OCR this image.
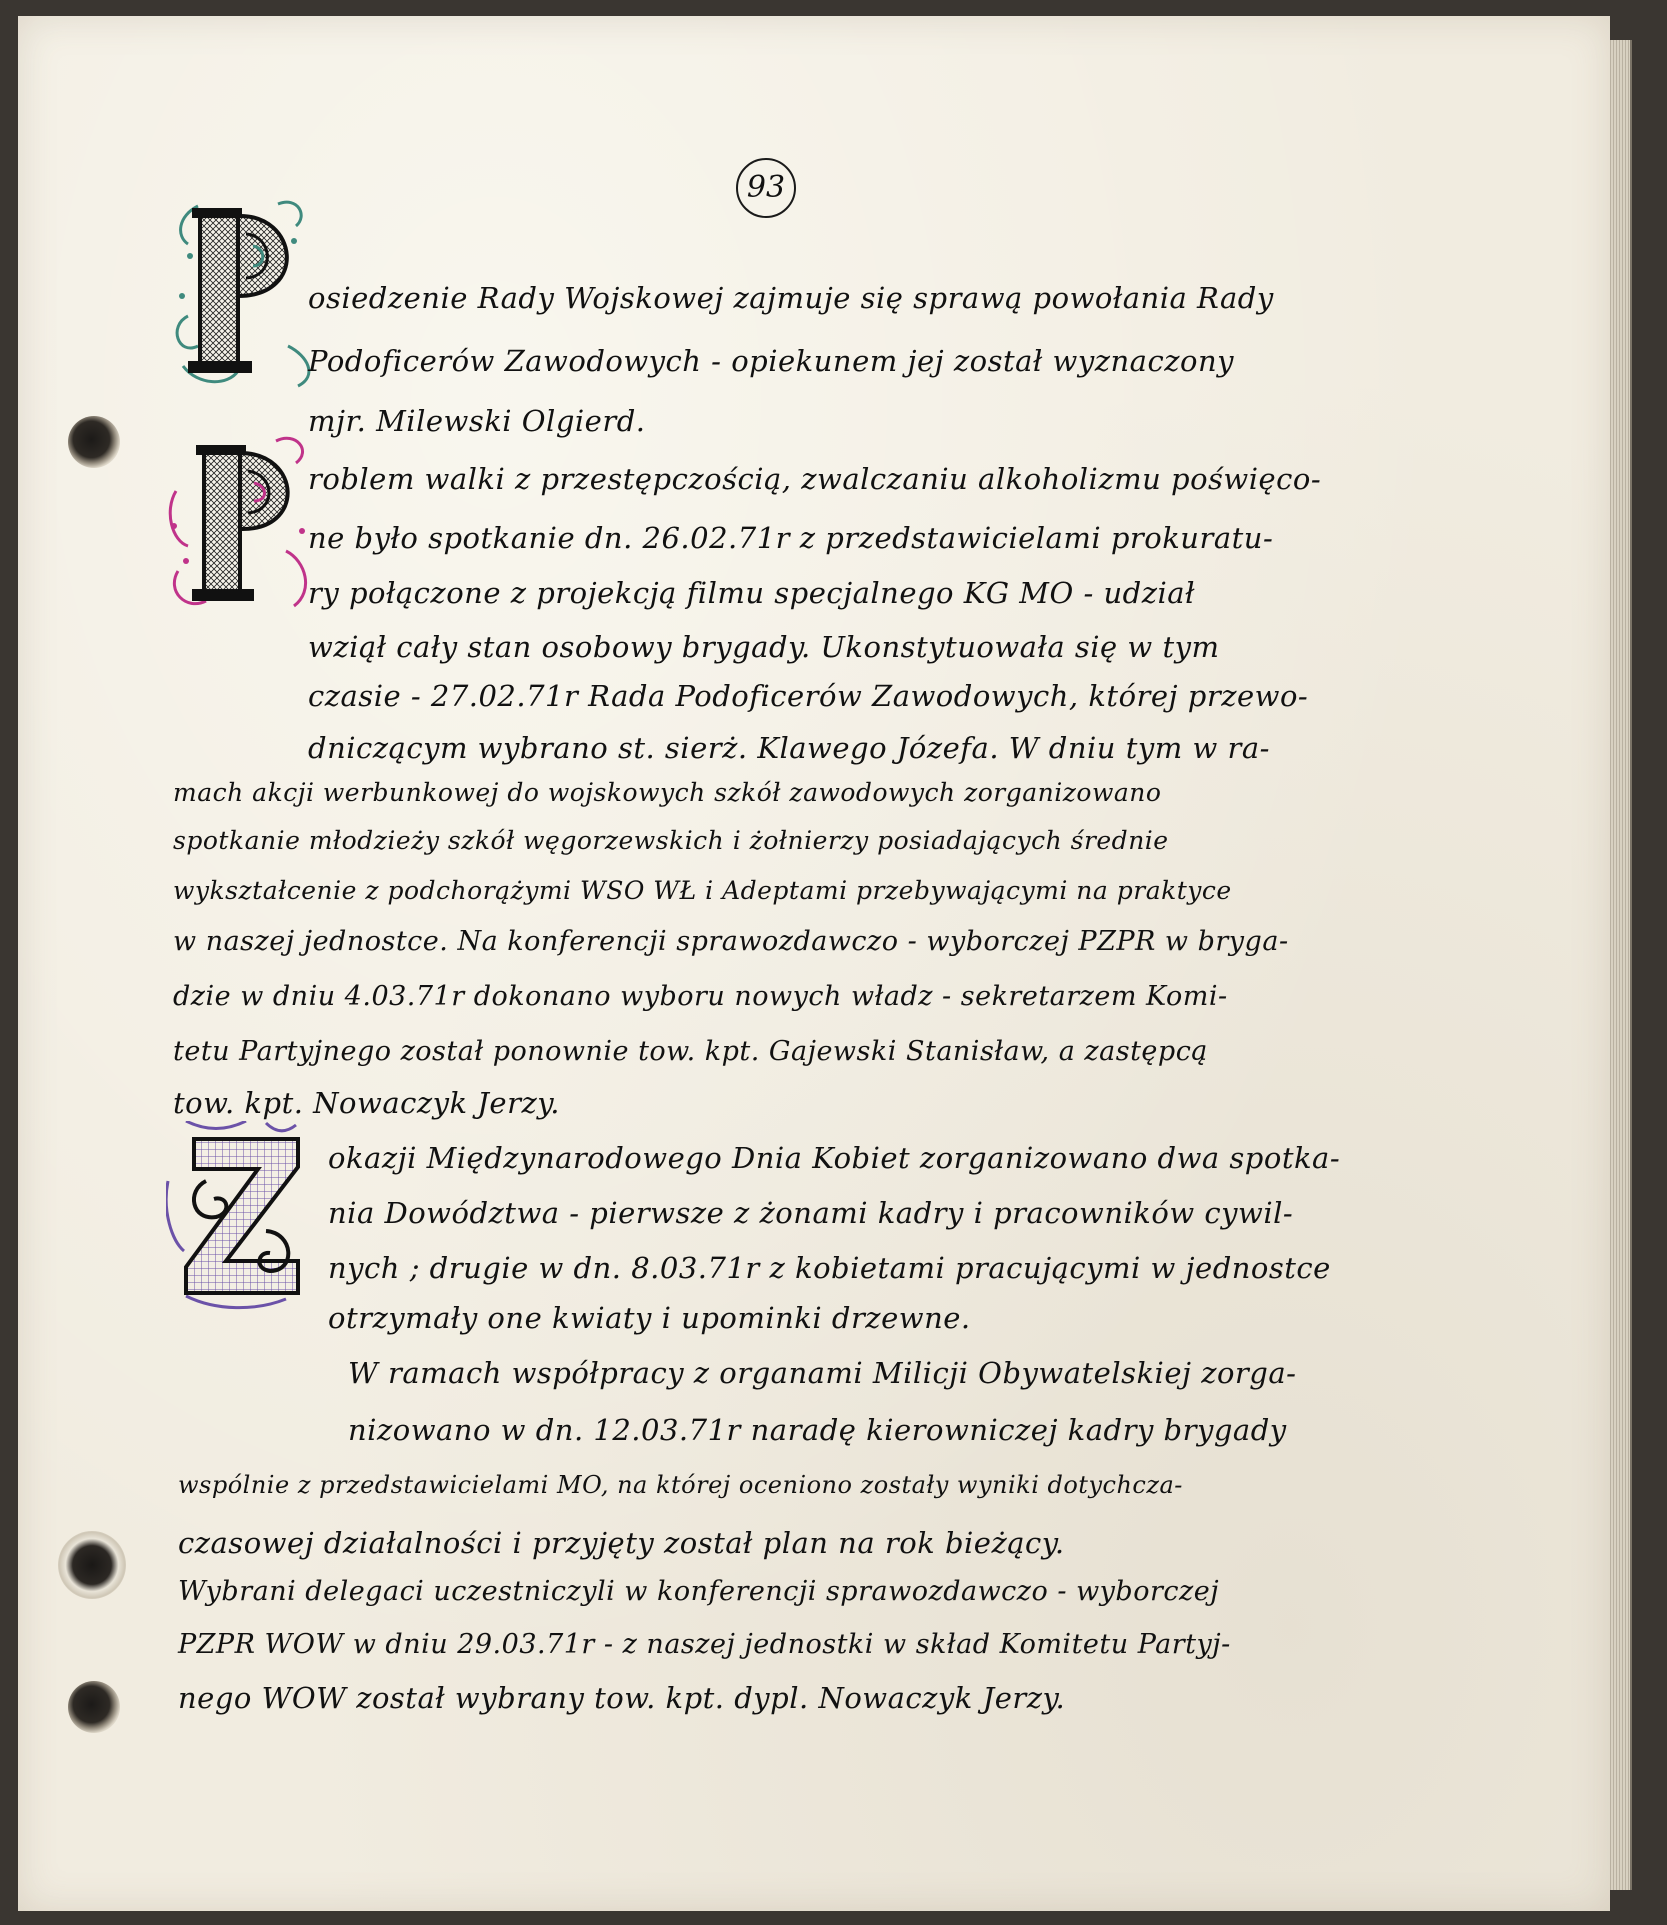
93
P
P
Z
osiedzenie Rady Wojskowej zajmuje się sprawą powołania Rady
Podoficerów Zawodowych - opiekunem jej został wyznaczony
mjr. Milewski Olgierd.
roblem walki z przestępczością, zwalczaniu alkoholizmu poświęco-
ne było spotkanie dn. 26.02.71r z przedstawicielami prokuratu-
ry połączone z projekcją filmu specjalnego KG MO - udział
wziął cały stan osobowy brygady. Ukonstytuowała się w tym
czasie - 27.02.71r Rada Podoficerów Zawodowych, której przewo-
dniczącym wybrano st. sierż. Klawego Józefa. W dniu tym w ra-
mach akcji werbunkowej do wojskowych szkół zawodowych zorganizowano
spotkanie młodzieży szkół węgorzewskich i żołnierzy posiadających średnie
wykształcenie z podchorążymi WSO WŁ i Adeptami przebywającymi na praktyce
w naszej jednostce. Na konferencji sprawozdawczo - wyborczej PZPR w bryga-
dzie w dniu 4.03.71r dokonano wyboru nowych władz - sekretarzem Komi-
tetu Partyjnego został ponownie tow. kpt. Gajewski Stanisław, a zastępcą
tow. kpt. Nowaczyk Jerzy.
okazji Międzynarodowego Dnia Kobiet zorganizowano dwa spotka-
nia Dowództwa - pierwsze z żonami kadry i pracowników cywil-
nych ; drugie w dn. 8.03.71r z kobietami pracującymi w jednostce
otrzymały one kwiaty i upominki drzewne.
W ramach współpracy z organami Milicji Obywatelskiej zorga-
nizowano w dn. 12.03.71r naradę kierowniczej kadry brygady
wspólnie z przedstawicielami MO, na której oceniono zostały wyniki dotychcza-
czasowej działalności i przyjęty został plan na rok bieżący.
Wybrani delegaci uczestniczyli w konferencji sprawozdawczo - wyborczej
PZPR WOW w dniu 29.03.71r - z naszej jednostki w skład Komitetu Partyj-
nego WOW został wybrany tow. kpt. dypl. Nowaczyk Jerzy.
